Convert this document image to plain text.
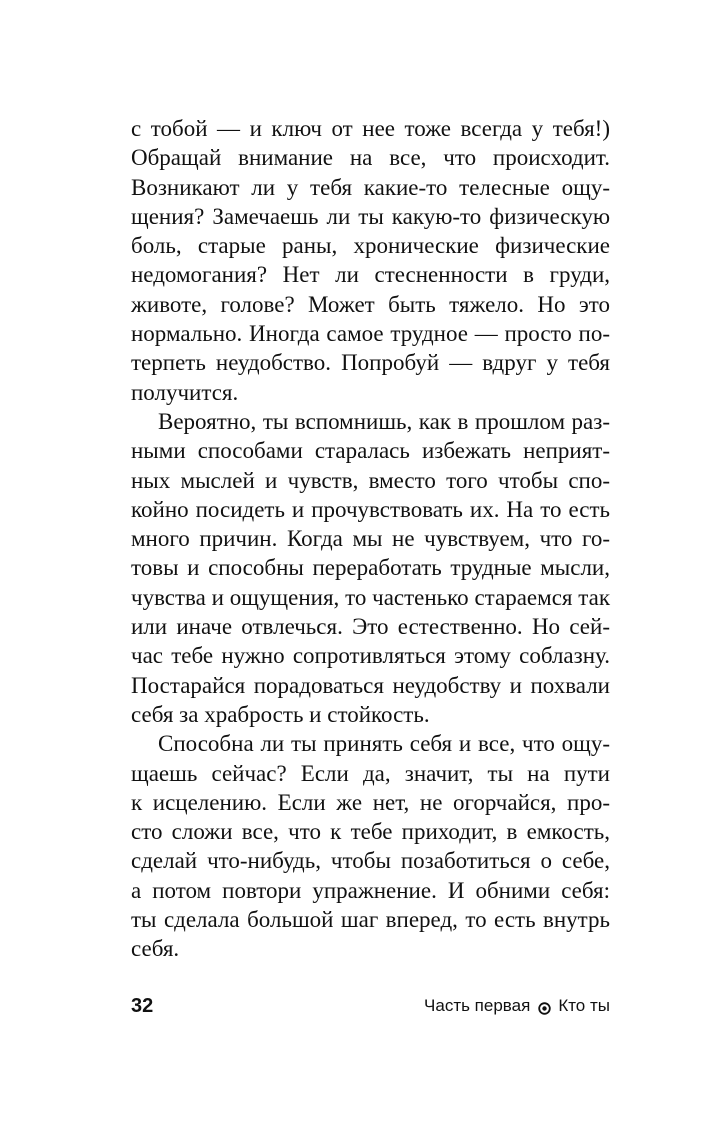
с тобой — и ключ от нее тоже всегда у тебя!)
Обращай внимание на все, что происходит.
Возникают ли у тебя какие-то телесные ощу-
щения? Замечаешь ли ты какую-то физическую
боль, старые раны, хронические физические
недомогания? Нет ли стесненности в груди,
животе, голове? Может быть тяжело. Но это
нормально. Иногда самое трудное — просто по-
терпеть неудобство. Попробуй — вдруг у тебя
получится.
Вероятно, ты вспомнишь, как в прошлом раз-
ными способами старалась избежать неприят-
ных мыслей и чувств, вместо того чтобы спо-
койно посидеть и прочувствовать их. На то есть
много причин. Когда мы не чувствуем, что го-
товы и способны переработать трудные мысли,
чувства и ощущения, то частенько стараемся так
или иначе отвлечься. Это естественно. Но сей-
час тебе нужно сопротивляться этому соблазну.
Постарайся порадоваться неудобству и похвали
себя за храбрость и стойкость.
Способна ли ты принять себя и все, что ощу-
щаешь сейчас? Если да, значит, ты на пути
к исцелению. Если же нет, не огорчайся, про-
сто сложи все, что к тебе приходит, в емкость,
сделай что-нибудь, чтобы позаботиться о себе,
а потом повтори упражнение. И обними себя:
ты сделала большой шаг вперед, то есть внутрь
себя.
32	Часть первая Кто ты
